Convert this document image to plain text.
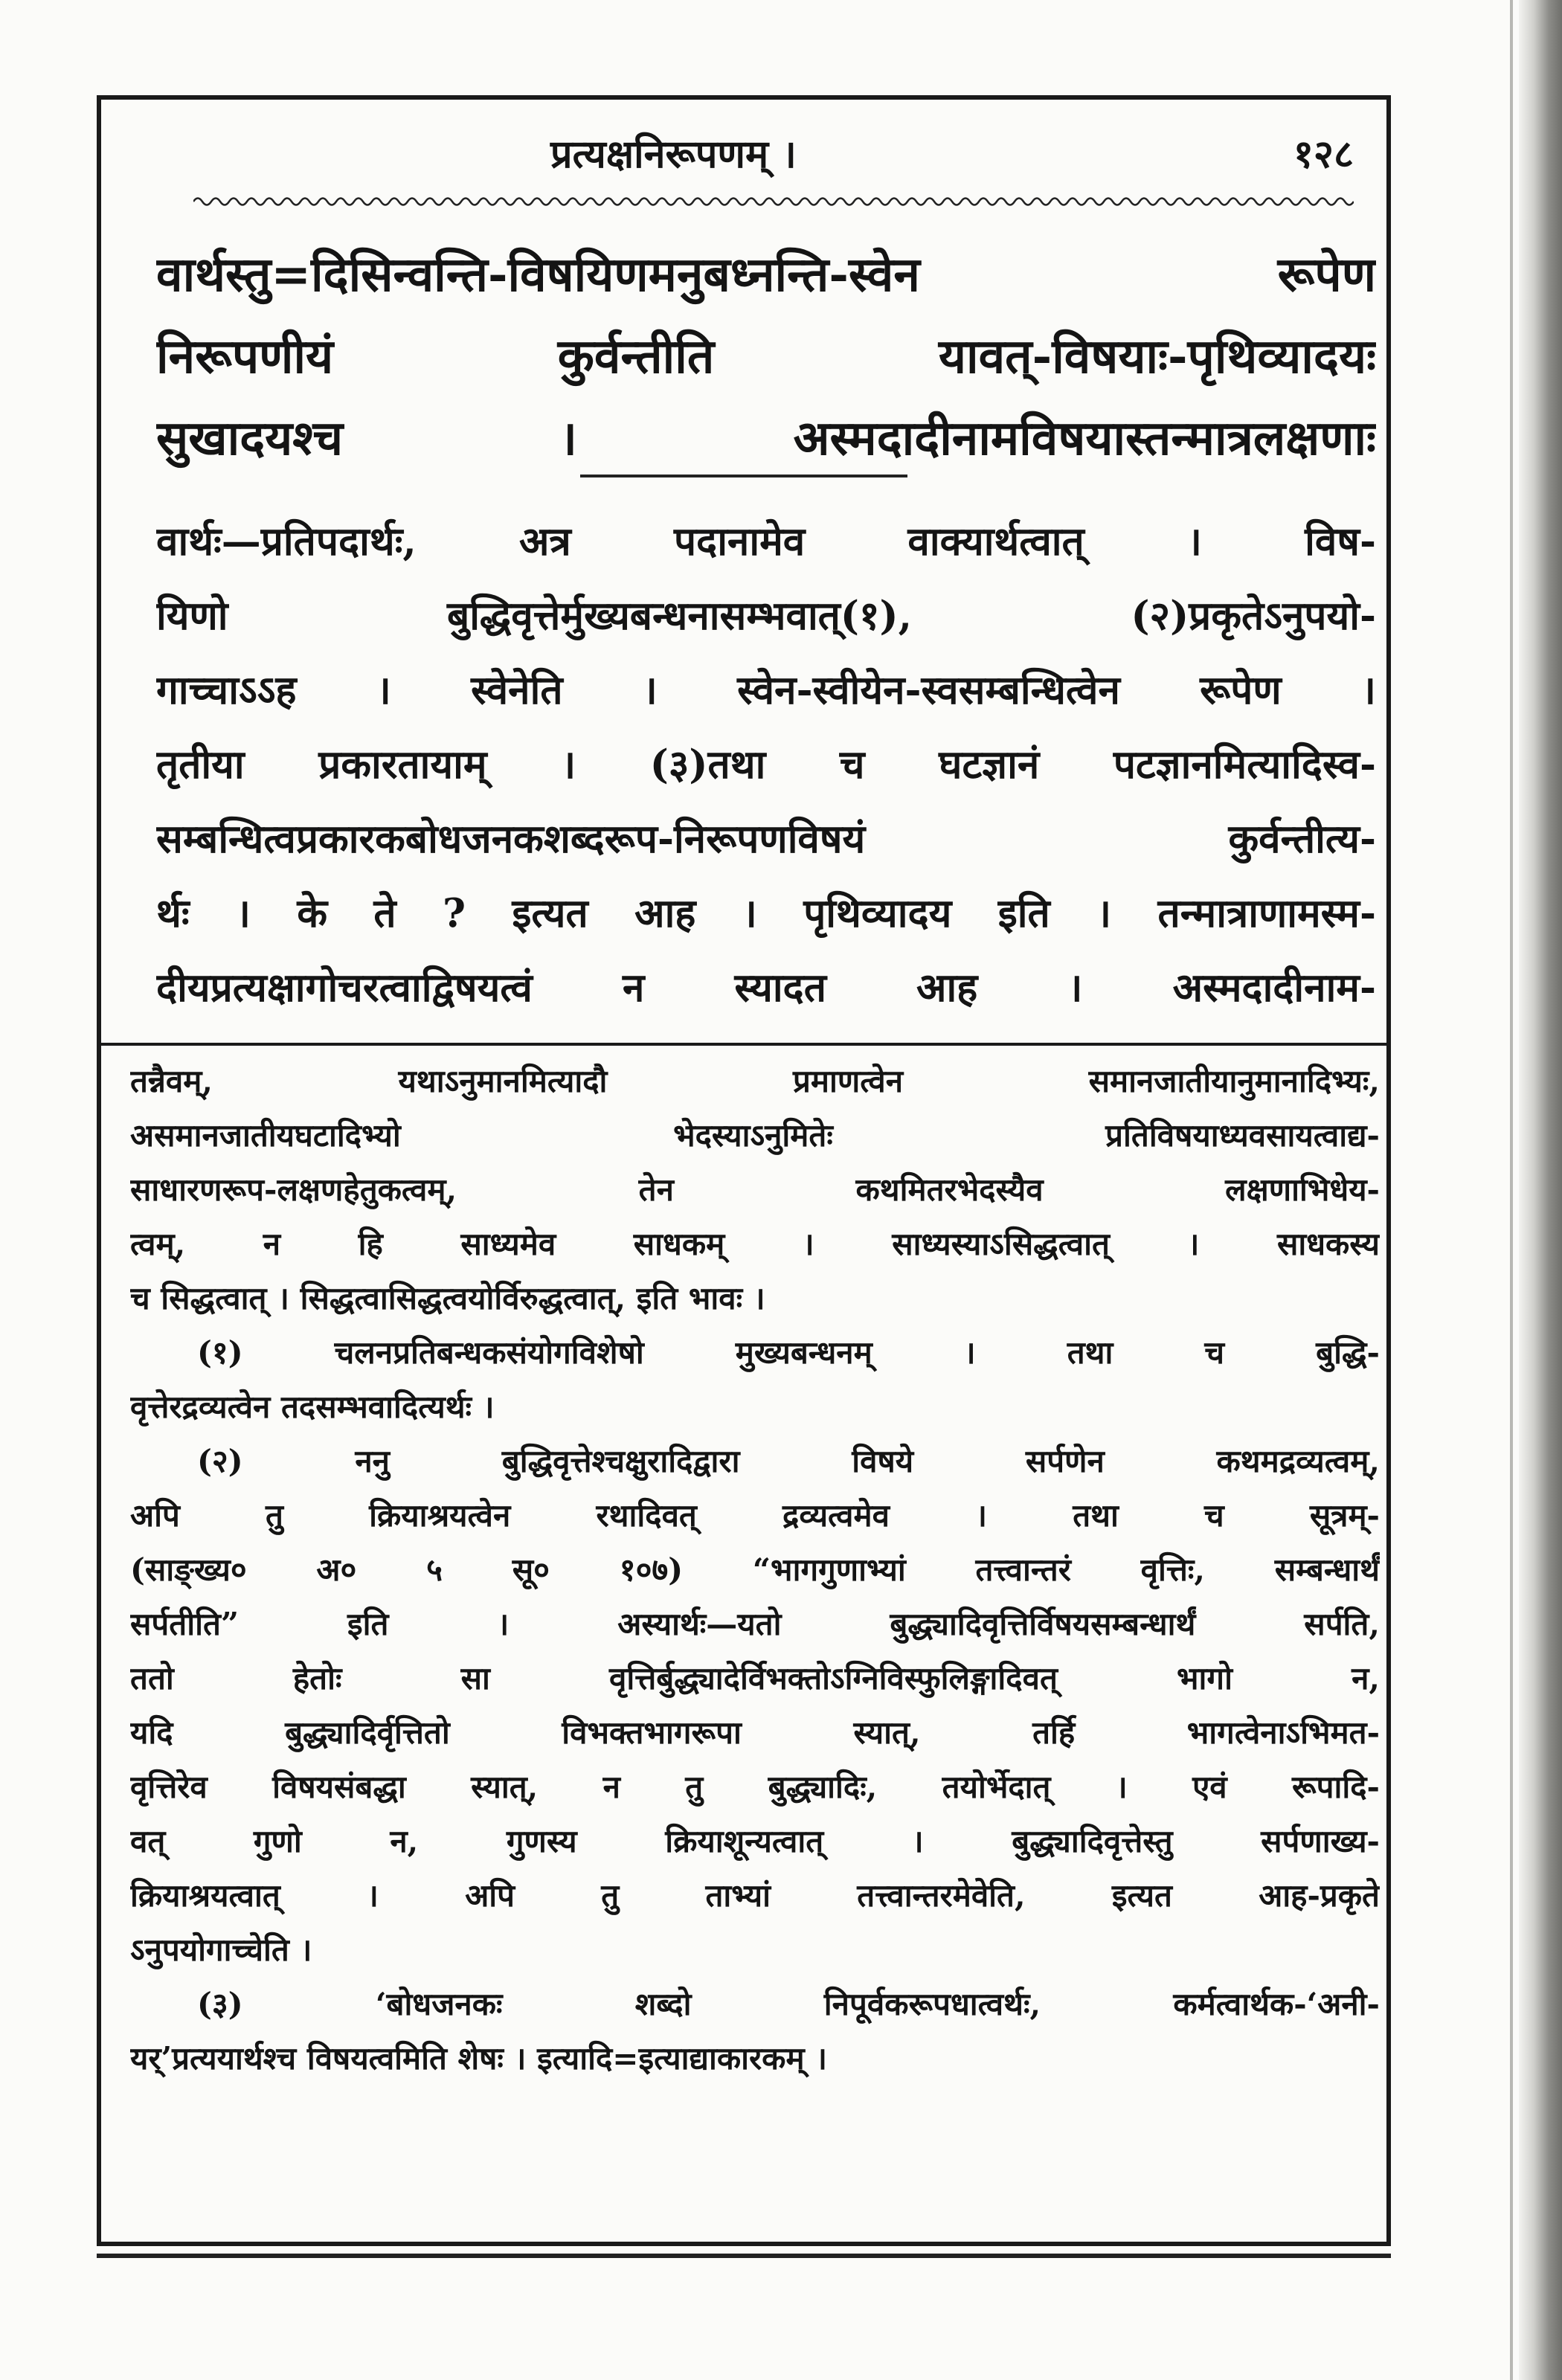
प्रत्यक्षनिरूपणम् ।	१२८
वार्थस्तु=दिसिन्वन्ति-विषयिणमनुबध्नन्ति-स्वेन रूपेण
निरूपणीयं कुर्वन्तीति यावत्-विषयाः-पृथिव्यादयः
सुखादयश्च । अस्मदादीनामविषयास्तन्मात्रलक्षणाः
वार्थः—प्रतिपदार्थः, अत्र पदानामेव वाक्यार्थत्वात् । विष-
यिणो बुद्धिवृत्तेर्मुख्यबन्धनासम्भवात्(१), (२)प्रकृतेऽनुपयो-
गाच्चाऽऽह । स्वेनेति । स्वेन-स्वीयेन-स्वसम्बन्धित्वेन रूपेण ।
तृतीया प्रकारतायाम् । (३)तथा च घटज्ञानं पटज्ञानमित्यादिस्व-
सम्बन्धित्वप्रकारकबोधजनकशब्दरूप-निरूपणविषयं कुर्वन्तीत्य-
र्थः । के ते ? इत्यत आह । पृथिव्यादय इति । तन्मात्राणामस्म-
दीयप्रत्यक्षागोचरत्वाद्विषयत्वं न स्यादत आह । अस्मदादीनाम-
तन्नैवम्, यथाऽनुमानमित्यादौ प्रमाणत्वेन समानजातीयानुमानादिभ्यः,
असमानजातीयघटादिभ्यो भेदस्याऽनुमितेः प्रतिविषयाध्यवसायत्वाद्य-
साधारणरूप-लक्षणहेतुकत्वम्, तेन कथमितरभेदस्यैव लक्षणाभिधेय-
त्वम्, न हि साध्यमेव साधकम् । साध्यस्याऽसिद्धत्वात् । साधकस्य
च सिद्धत्वात् । सिद्धत्वासिद्धत्वयोर्विरुद्धत्वात्, इति भावः ।
(१) चलनप्रतिबन्धकसंयोगविशेषो मुख्यबन्धनम् । तथा च बुद्धि-
वृत्तेरद्रव्यत्वेन तदसम्भवादित्यर्थः ।
(२) ननु बुद्धिवृत्तेश्चक्षुरादिद्वारा विषये सर्पणेन कथमद्रव्यत्वम्,
अपि तु क्रियाश्रयत्वेन रथादिवत् द्रव्यत्वमेव । तथा च सूत्रम्-
(साङ्ख्य० अ० ५ सू० १०७) “भागगुणाभ्यां तत्त्वान्तरं वृत्तिः, सम्बन्धार्थं
सर्पतीति” इति । अस्यार्थः—यतो बुद्ध्यादिवृत्तिर्विषयसम्बन्धार्थं सर्पति,
ततो हेतोः सा वृत्तिर्बुद्ध्यादेर्विभक्तोऽग्निविस्फुलिङ्गादिवत् भागो न,
यदि बुद्ध्यादिर्वृत्तितो विभक्तभागरूपा स्यात्, तर्हि भागत्वेनाऽभिमत-
वृत्तिरेव विषयसंबद्धा स्यात्, न तु बुद्ध्यादिः, तयोर्भेदात् । एवं रूपादि-
वत् गुणो न, गुणस्य क्रियाशून्यत्वात् । बुद्ध्यादिवृत्तेस्तु सर्पणाख्य-
क्रियाश्रयत्वात् । अपि तु ताभ्यां तत्त्वान्तरमेवेति, इत्यत आह-प्रकृते
ऽनुपयोगाच्चेति ।
(३) ‘बोधजनकः शब्दो निपूर्वकरूपधात्वर्थः, कर्मत्वार्थक-‘अनी-
यर्’प्रत्ययार्थश्च विषयत्वमिति शेषः । इत्यादि=इत्याद्याकारकम् ।
